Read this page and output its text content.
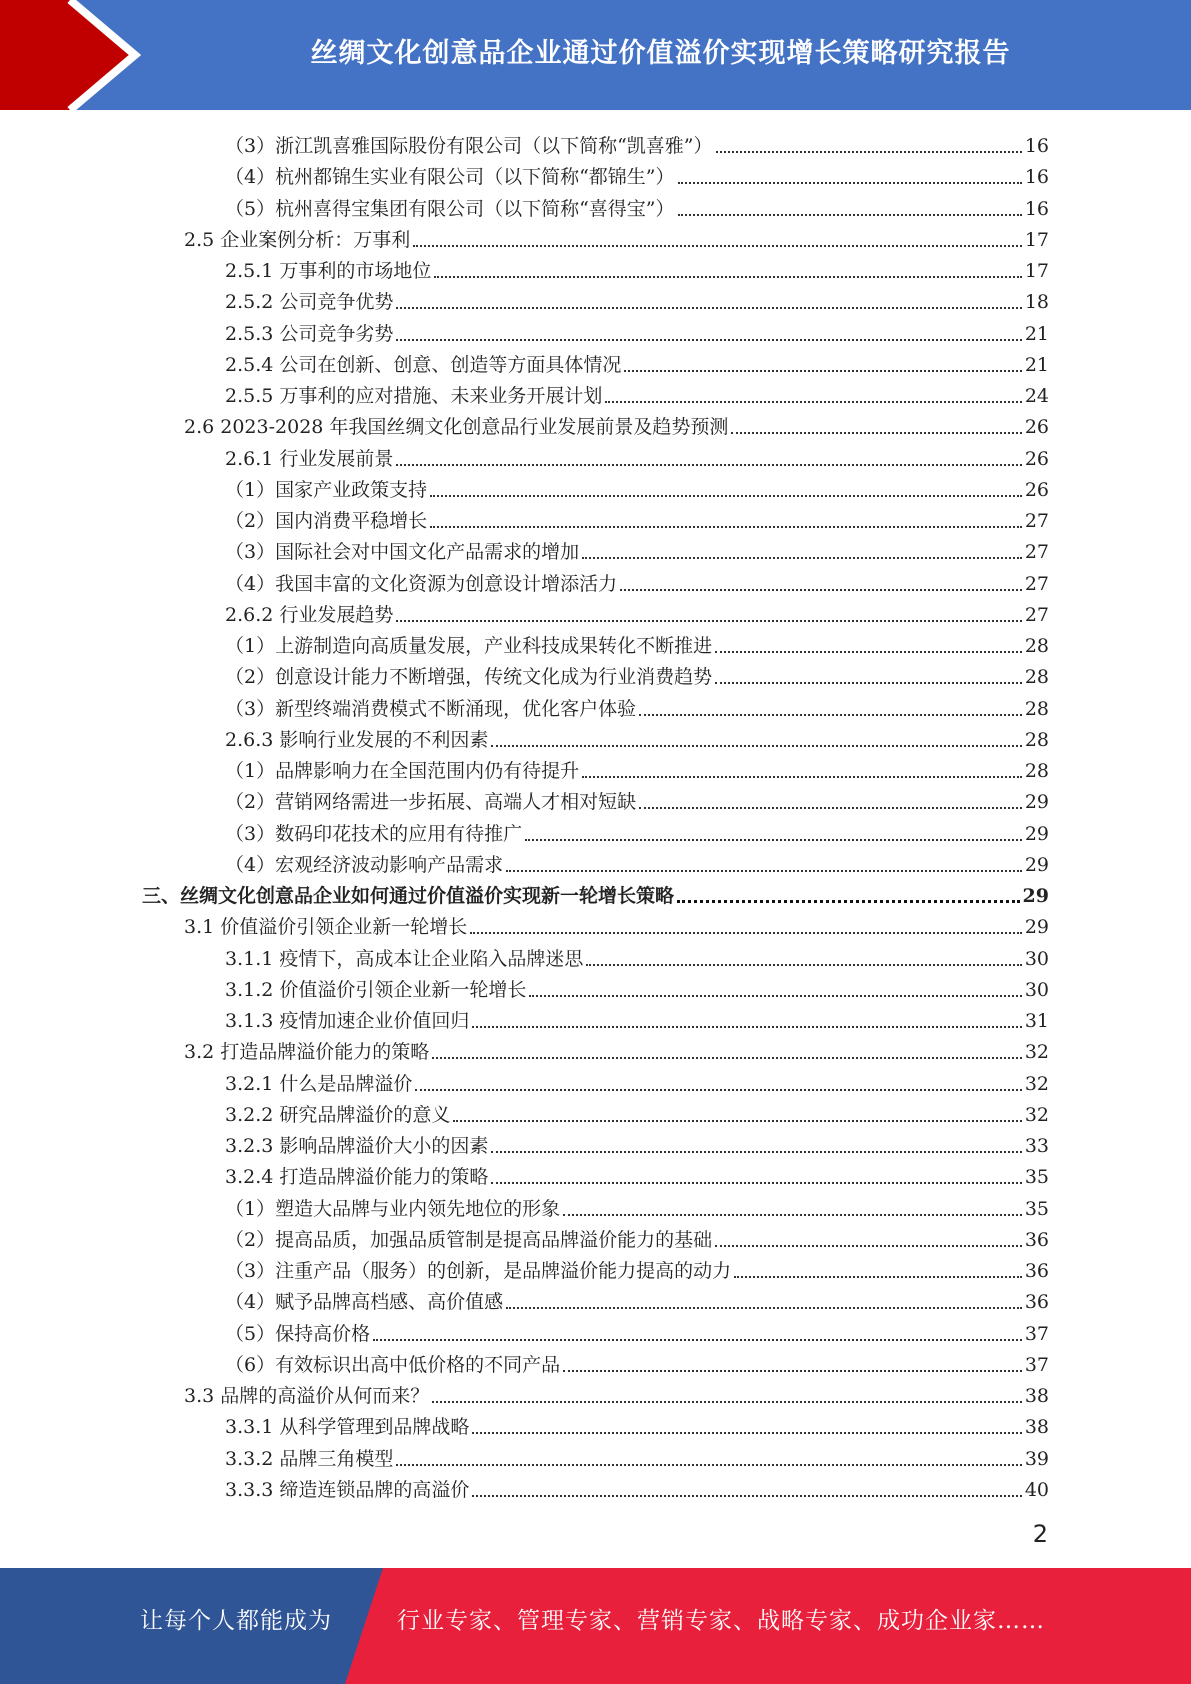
丝绸文化创意品企业通过价值溢价实现增长策略研究报告
（3）浙江凯喜雅国际股份有限公司（以下简称“凯喜雅”）	16
（4）杭州都锦生实业有限公司（以下简称“都锦生”）	16
（5）杭州喜得宝集团有限公司（以下简称“喜得宝”）	16
2.5 企业案例分析：万事利	17
2.5.1 万事利的市场地位	17
2.5.2 公司竞争优势	18
2.5.3 公司竞争劣势	21
2.5.4 公司在创新、创意、创造等方面具体情况	21
2.5.5 万事利的应对措施、未来业务开展计划	24
2.6 2023-2028 年我国丝绸文化创意品行业发展前景及趋势预测	26
2.6.1 行业发展前景	26
（1）国家产业政策支持	26
（2）国内消费平稳增长	27
（3）国际社会对中国文化产品需求的增加	27
（4）我国丰富的文化资源为创意设计增添活力	27
2.6.2 行业发展趋势	27
（1）上游制造向高质量发展，产业科技成果转化不断推进	28
（2）创意设计能力不断增强，传统文化成为行业消费趋势	28
（3）新型终端消费模式不断涌现，优化客户体验	28
2.6.3 影响行业发展的不利因素	28
（1）品牌影响力在全国范围内仍有待提升	28
（2）营销网络需进一步拓展、高端人才相对短缺	29
（3）数码印花技术的应用有待推广	29
（4）宏观经济波动影响产品需求	29
三、丝绸文化创意品企业如何通过价值溢价实现新一轮增长策略	29
3.1 价值溢价引领企业新一轮增长	29
3.1.1 疫情下，高成本让企业陷入品牌迷思	30
3.1.2 价值溢价引领企业新一轮增长	30
3.1.3 疫情加速企业价值回归	31
3.2 打造品牌溢价能力的策略	32
3.2.1 什么是品牌溢价	32
3.2.2 研究品牌溢价的意义	32
3.2.3 影响品牌溢价大小的因素	33
3.2.4 打造品牌溢价能力的策略	35
（1）塑造大品牌与业内领先地位的形象	35
（2）提高品质，加强品质管制是提高品牌溢价能力的基础	36
（3）注重产品（服务）的创新，是品牌溢价能力提高的动力	36
（4）赋予品牌高档感、高价值感	36
（5）保持高价格	37
（6）有效标识出高中低价格的不同产品	37
3.3 品牌的高溢价从何而来？	38
3.3.1 从科学管理到品牌战略	38
3.3.2 品牌三角模型	39
3.3.3 缔造连锁品牌的高溢价	40
2
让每个人都能成为	行业专家、管理专家、营销专家、战略专家、成功企业家……
